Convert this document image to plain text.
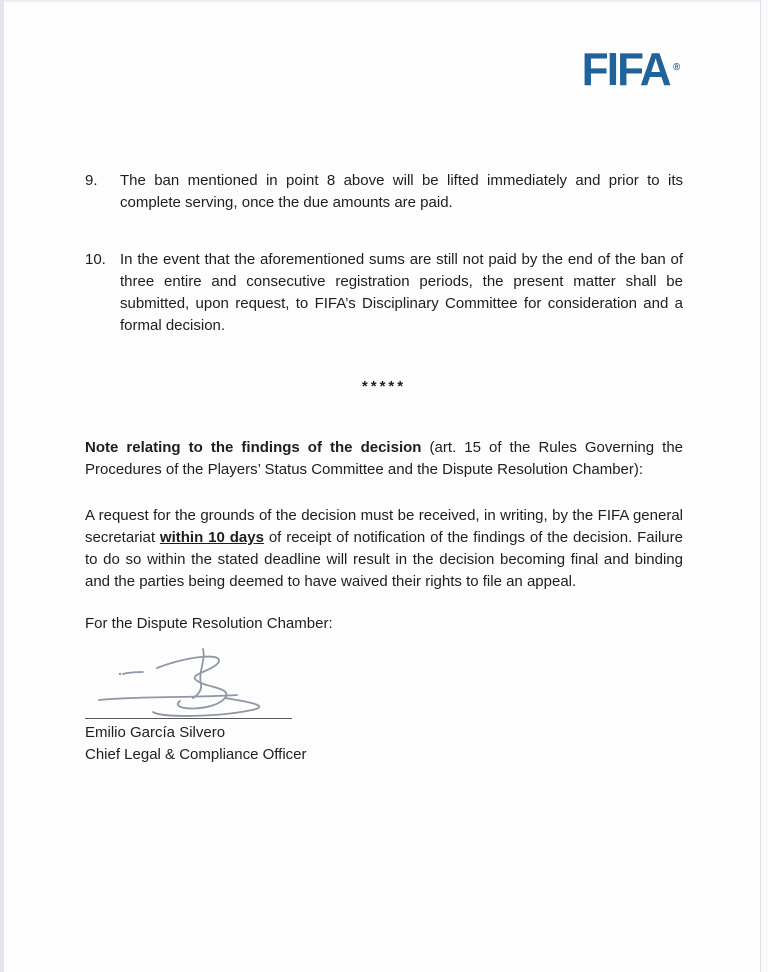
FIFA ®
9.	The ban mentioned in point 8 above will be lifted immediately and prior to its complete serving, once the due amounts are paid.
10. In the event that the aforementioned sums are still not paid by the end of the ban of three entire and consecutive registration periods, the present matter shall be submitted, upon request, to FIFA’s Disciplinary Committee for consideration and a formal decision.
*****

Note relating to the findings of the decision (art. 15 of the Rules Governing the Procedures of the Players’ Status Committee and the Dispute Resolution Chamber):

A request for the grounds of the decision must be received, in writing, by the FIFA general secretariat within 10 days of receipt of notification of the findings of the decision. Failure to do so within the stated deadline will result in the decision becoming final and binding and the parties being deemed to have waived their rights to file an appeal.

For the Dispute Resolution Chamber:

Emilio García Silvero
Chief Legal & Compliance Officer
